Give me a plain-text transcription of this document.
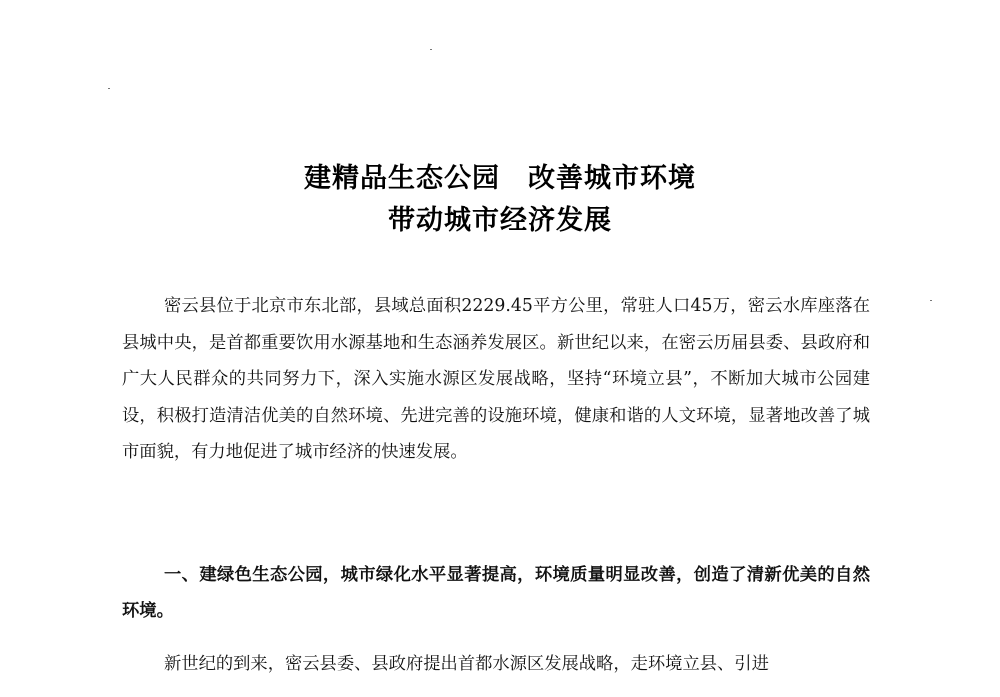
建精品生态公园　改善城市环境
带动城市经济发展
密云县位于北京市东北部，县域总面积2229.45平方公里，常驻人口45万，密云水库座落在县城中央，是首都重要饮用水源基地和生态涵养发展区。新世纪以来，在密云历届县委、县政府和广大人民群众的共同努力下，深入实施水源区发展战略，坚持“环境立县”，不断加大城市公园建设，积极打造清洁优美的自然环境、先进完善的设施环境，健康和谐的人文环境，显著地改善了城市面貌，有力地促进了城市经济的快速发展。
一、建绿色生态公园，城市绿化水平显著提高，环境质量明显改善，创造了清新优美的自然环境。
新世纪的到来，密云县委、县政府提出首都水源区发展战略，走环境立县、引进
